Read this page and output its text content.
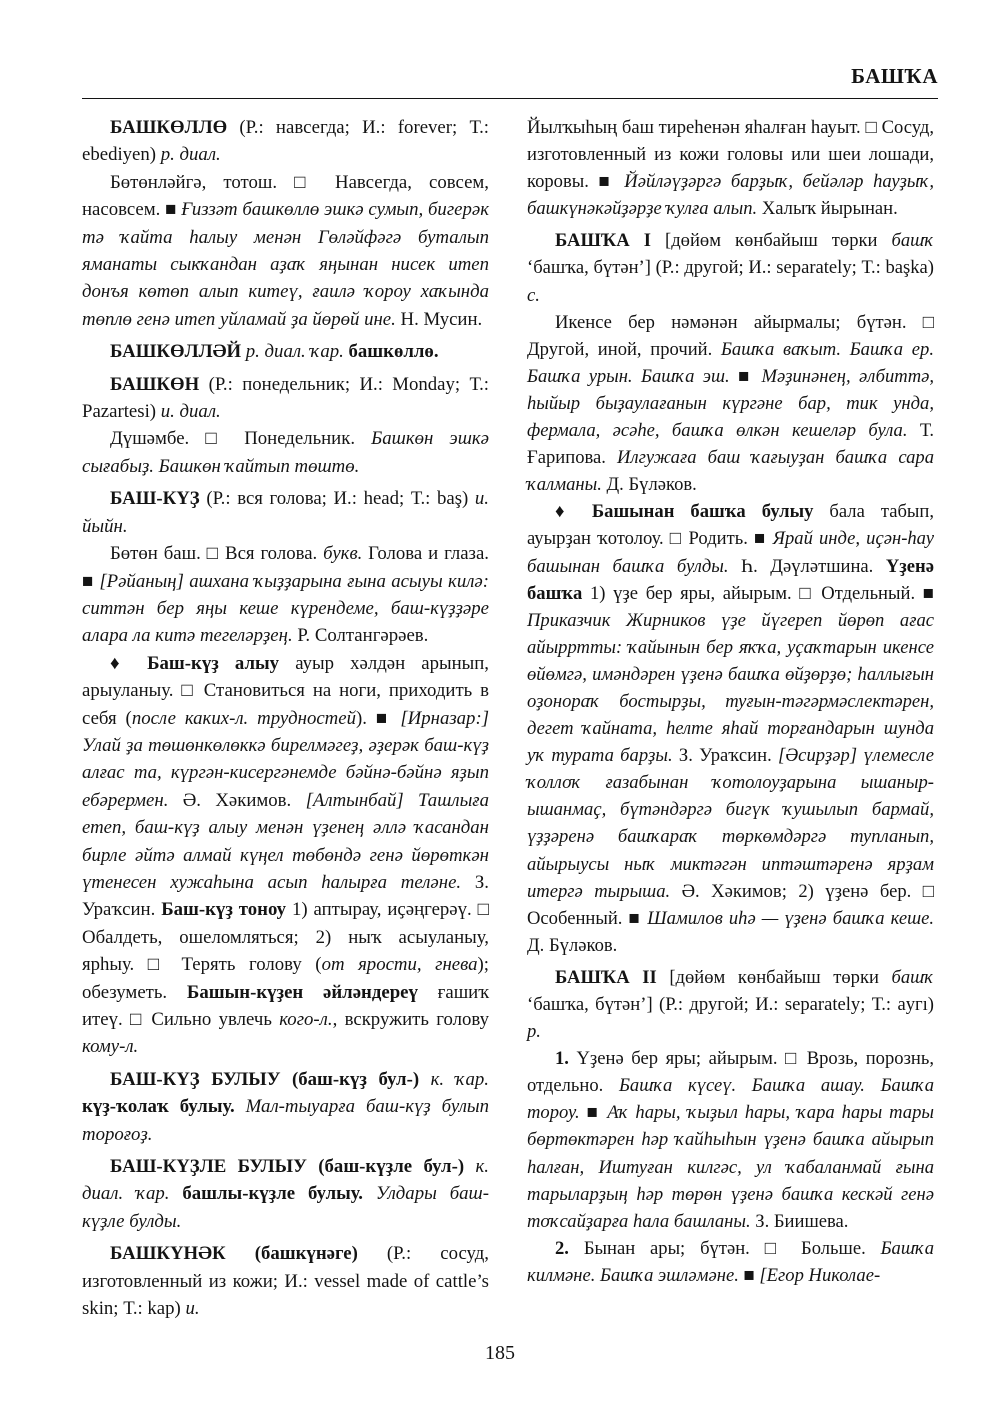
БАШҠА

БАШКӨЛЛӨ (Р.: навсегда; И.: forever; Т.: ebediyen) р. диал.

Бөтөнләйгә, тотош. □ Навсегда, совсем, насовсем. ■ Ғиззәт башкөллө эшкә сумып, бигерәк тә ҡайта һалыу менән Гөләйфәгә буталып яманаты сыкҡандан аҙаҡ яңынан нисек итеп донъя көтөп алып китеү, ғаилә ҡороу хаҡында төплө генә итеп уйламай ҙа йөрөй ине. Н. Мусин.

БАШКӨЛЛӘЙ р. диал. ҡар. башкөллө.

БАШКӨН (Р.: понедельник; И.: Monday; Т.: Pazartesi) и. диал.

Дүшәмбе. □ Понедельник. Башкөн эшкә сығабыҙ. Башкөн ҡайтып төштө.

БАШ-КҮҘ (Р.: вся голова; И.: head; Т.: baş) и. йыйн.

Бөтөн баш. □ Вся голова. букв. Голова и глаза. ■ [Рәйаның] ашхана ҡыҙҙарына ғына асыуы килә: ситтән бер яңы кеше күрендеме, баш-күҙҙәре алара ла китә тегеләрҙең. Р. Солтангәрәев.

♦ Баш-күҙ алыу ауыр хәлдән арынып, арыуланыу. □ Становиться на ноги, приходить в себя (после каких-л. трудностей). ■ [Ирназар:] Улай ҙа төшөнкөлөккә бирелмәгеҙ, әҙерәк баш-күҙ алғас та, күргән-кисергәнемде бәйнә-бәйнә яҙып ебәрермен. Ә. Хәкимов. [Алтынбай] Ташлыға етеп, баш-күҙ алыу менән үҙенең әллә ҡасандан бирле әйтә алмай күңел төбөндә генә йөрөткән үтенесен хужаһына асып һалырға теләне. З. Ураҡсин. Баш-күҙ тоноу 1) аптырау, иҫәңгерәү. □ Обалдеть, ошеломляться; 2) ныҡ асыуланыу, ярһыу. □ Терять голову (от ярости, гнева); обезуметь. Башын-күҙен әйләндереү ғашиҡ итеү. □ Сильно увлечь кого-л., вскружить голову кому-л.

БАШ-КҮҘ БУЛЫУ (баш-күҙ бул-) к. ҡар. күҙ-ҡолаҡ булыу. Мал-тыуарға баш-күҙ булып тороғоҙ.

БАШ-КҮҘЛЕ БУЛЫУ (баш-күҙле бул-) к. диал. ҡар. башлы-күҙле булыу. Улдары баш-күҙле булды.

БАШКҮНӘК (башкүнәге) (Р.: сосуд, изготовленный из кожи; И.: vessel made of cattle’s skin; Т.: kap) и.

Йылҡыһың баш тиреһенән яһалған һауыт. □ Сосуд, изготовленный из кожи головы или шеи лошади, коровы. ■ Йәйләүҙәргә барҙыҡ, бейәләр һауҙыҡ, башкүнәкәйҙәрҙе ҡулға алып. Халыҡ йырынан.

БАШҠА I [дөйөм көнбайыш төрки башҡ ‘башҡа, бүтән’] (Р.: другой; И.: separately; Т.: başka) с.

Икенсе бер нәмәнән айырмалы; бүтән. □ Другой, иной, прочий. Башҡа ваҡыт. Башҡа ер. Башҡа урын. Башҡа эш. ■ Мәҙинәнең, әлбиттә, һыйыр быҙаулағанын күргәне бар, тик унда, фермала, әсәһе, башҡа өлкән кешеләр була. Т. Ғарипова. Илгужаға баш ҡағыуҙан башҡа сара ҡалманы. Д. Бүләков.

♦ Башынан башҡа булыу бала табып, ауырҙан ҡотолоу. □ Родить. ■ Ярай инде, иҫән-һау башынан башҡа булды. Һ. Дәүләтшина. Үҙенә башҡа 1) үҙе бер яры, айырым. □ Отдельный. ■ Приказчик Жирников үҙе йүгереп йөрөп ағас айырртты: ҡайынын бер яҡҡа, уҫаҡтарын икенсе өйөмгә, имәндәрен үҙенә башҡа өйҙөрҙө; һаллығын оҙонораҡ бостырҙы, туғын-тәгәрмәслектәрен, дегет ҡайната, һелте яһай торғандарын шунда уҡ турата барҙы. З. Ураҡсин. [Әсирҙәр] үлемесле ҡоллоҡ ғазабынан ҡотолоуҙарына ышаныр-ышанмаҫ, бүтәндәргә бигүк ҡушылып бармай, үҙҙәренә башҡараҡ төркөмдәргә тупланып, айырыусы ныҡ миктәгән иптәштәренә ярҙам итергә тырыша. Ә. Хәкимов; 2) үҙенә бер. □ Особенный. ■ Шамилов иһә — үҙенә башҡа кеше. Д. Бүләков.

БАШҠА II [дөйөм көнбайыш төрки башҡ ‘башҡа, бүтән’] (Р.: другой; И.: separately; Т.: aугı) р.

1. Үҙенә бер яры; айырым. □ Врозь, порознь, отдельно. Башҡа күсеү. Башҡа ашау. Башҡа тороу. ■ Аҡ һары, ҡыҙыл һары, ҡара һары тары бөртөктәрен һәр ҡайһыһын үҙенә башҡа айырып һалған, Иштуған килгәс, ул ҡабаланмай ғына тарыларҙың һәр төрөн үҙенә башҡа кескәй генә тоҡсайҙарға һала башланы. З. Биишева.

2. Бынан ары; бүтән. □ Больше. Башҡа килмәне. Башҡа эшләмәне. ■ [Егор Николае-

185
